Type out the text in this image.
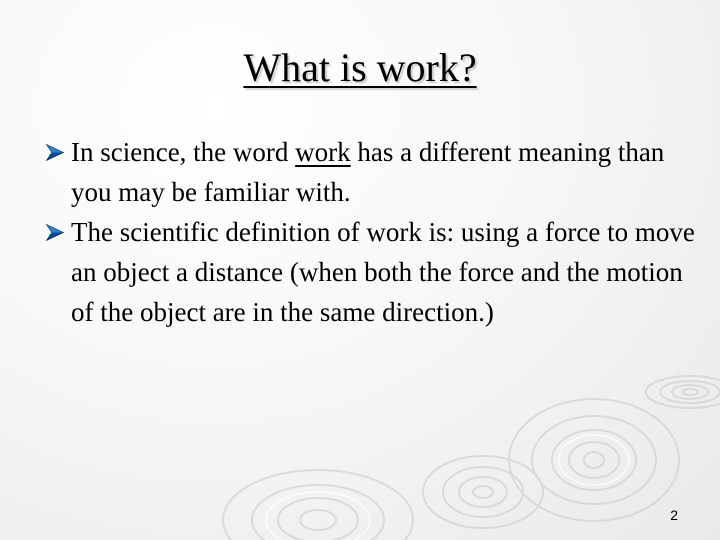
What is work?
In science, the word work has a different meaning than you may be familiar with.
The scientific definition of work is: using a force to move an object a distance (when both the force and the motion of the object are in the same direction.)
2
